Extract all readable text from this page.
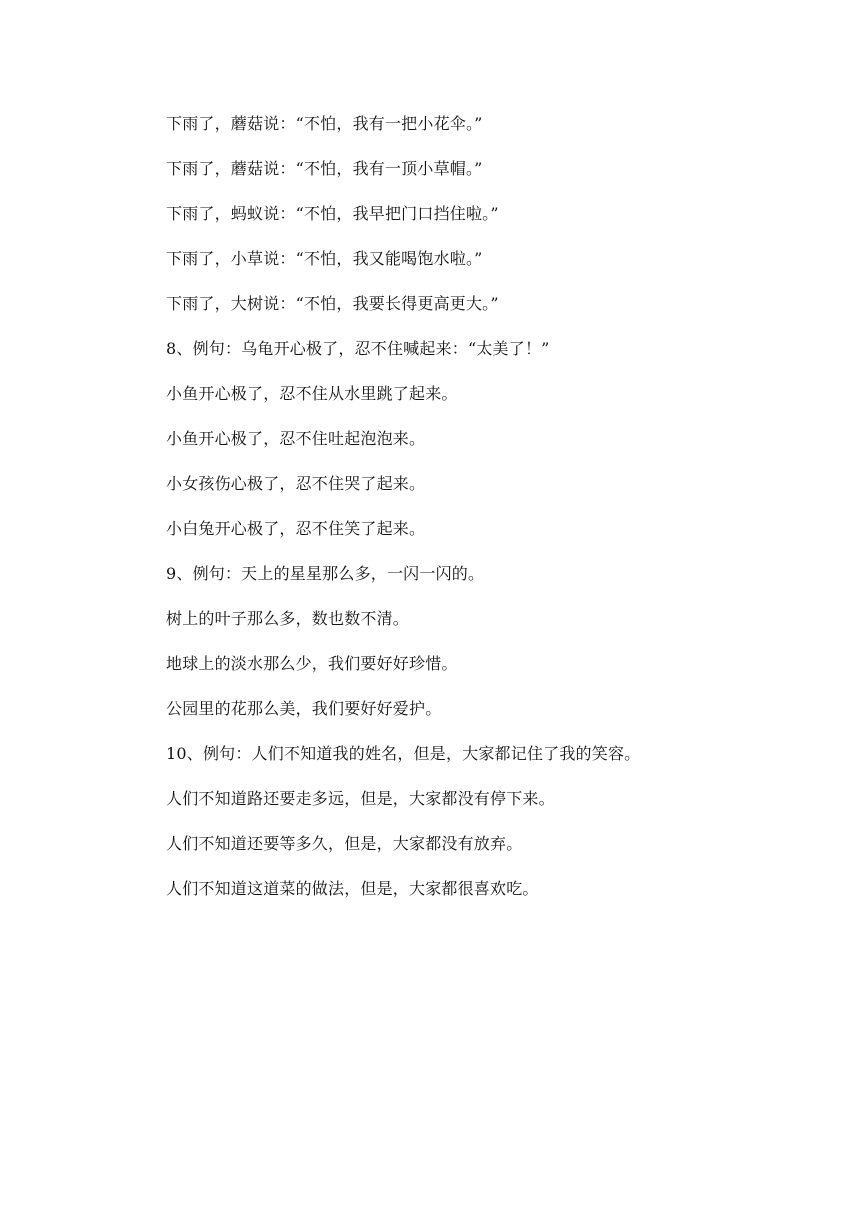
下雨了，蘑菇说：“不怕，我有一把小花伞。”
下雨了，蘑菇说：“不怕，我有一顶小草帽。”
下雨了，蚂蚁说：“不怕，我早把门口挡住啦。”
下雨了，小草说：“不怕，我又能喝饱水啦。”
下雨了，大树说：“不怕，我要长得更高更大。”
8、例句：乌龟开心极了，忍不住喊起来：“太美了！”
小鱼开心极了，忍不住从水里跳了起来。
小鱼开心极了，忍不住吐起泡泡来。
小女孩伤心极了，忍不住哭了起来。
小白兔开心极了，忍不住笑了起来。
9、例句：天上的星星那么多，一闪一闪的。
树上的叶子那么多，数也数不清。
地球上的淡水那么少，我们要好好珍惜。
公园里的花那么美，我们要好好爱护。
10、例句：人们不知道我的姓名，但是，大家都记住了我的笑容。
人们不知道路还要走多远，但是，大家都没有停下来。
人们不知道还要等多久，但是，大家都没有放弃。
人们不知道这道菜的做法，但是，大家都很喜欢吃。
